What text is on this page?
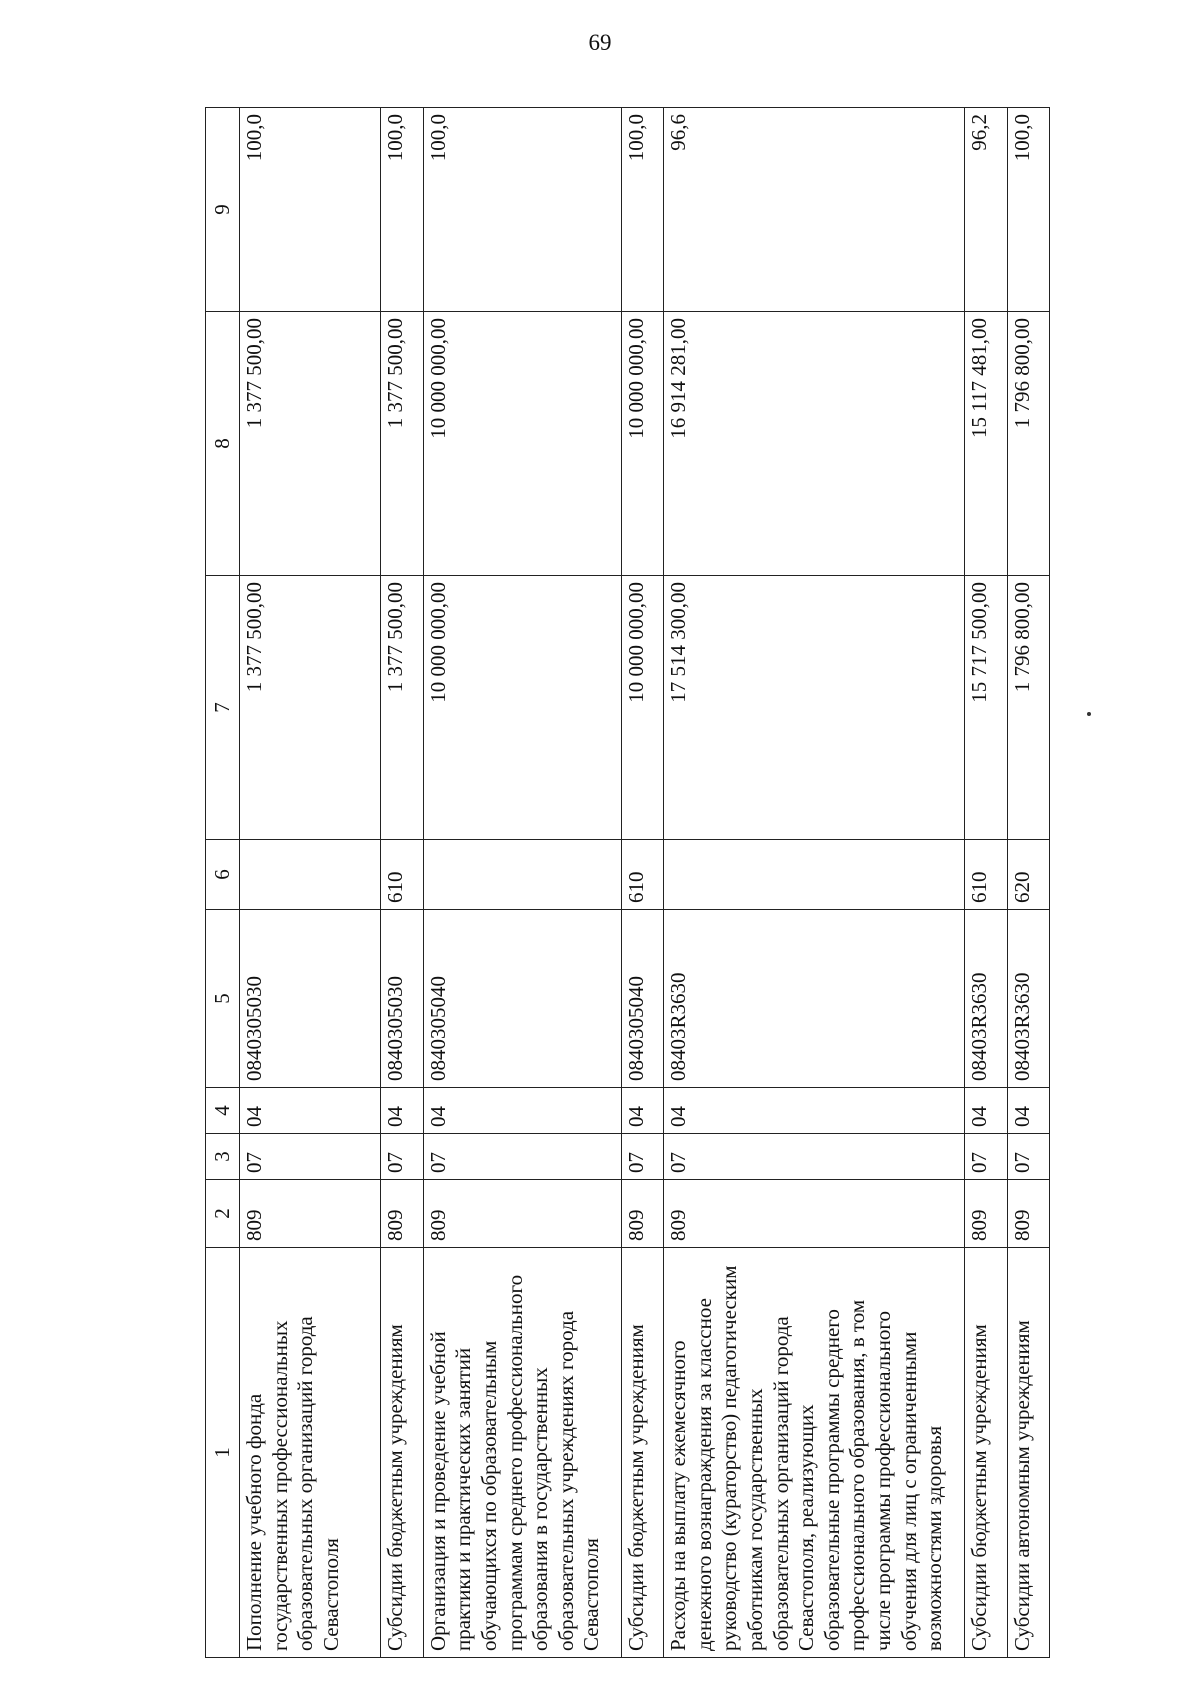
69
1	2	3	4	5	6	7	8	9
Пополнение учебного фонда государственных профессиональных образовательных организаций города Севастополя	809	07	04	0840305030		1 377 500,00	1 377 500,00	100,0
Субсидии бюджетным учреждениям	809	07	04	0840305030	610	1 377 500,00	1 377 500,00	100,0
Организация и проведение учебной практики и практических занятий обучающихся по образовательным программам среднего профессионального образования в государственных образовательных учреждениях города Севастополя	809	07	04	0840305040		10 000 000,00	10 000 000,00	100,0
Субсидии бюджетным учреждениям	809	07	04	0840305040	610	10 000 000,00	10 000 000,00	100,0
Расходы на выплату ежемесячного денежного вознаграждения за классное руководство (кураторство) педагогическим работникам государственных образовательных организаций города Севастополя, реализующих образовательные программы среднего профессионального образования, в том числе программы профессионального обучения для лиц с ограниченными возможностями здоровья	809	07	04	08403R3630		17 514 300,00	16 914 281,00	96,6
Субсидии бюджетным учреждениям	809	07	04	08403R3630	610	15 717 500,00	15 117 481,00	96,2
Субсидии автономным учреждениям	809	07	04	08403R3630	620	1 796 800,00	1 796 800,00	100,0
